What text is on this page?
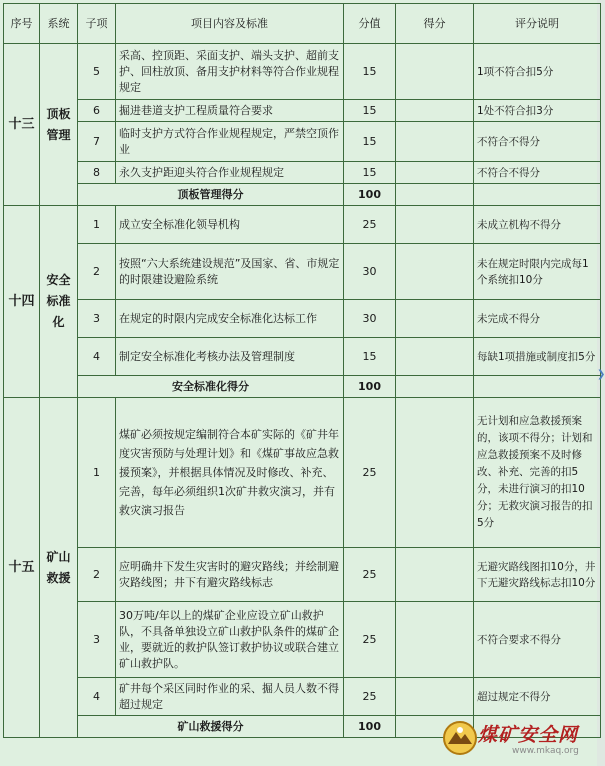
序号	系统	子项	项目内容及标准	分值	得分	评分说明
十三	顶板管理	5	采高、控顶距、采面支护、端头支护、超前支护、回柱放顶、备用支护材料等符合作业规程规定	15		1项不符合扣5分
		6	掘进巷道支护工程质量符合要求	15		1处不符合扣3分
		7	临时支护方式符合作业规程规定，严禁空顶作业	15		不符合不得分
		8	永久支护距迎头符合作业规程规定	15		不符合不得分
		顶板管理得分		100		
十四	安全标准化	1	成立安全标准化领导机构	25		未成立机构不得分
		2	按照“六大系统建设规范”及国家、省、市规定的时限建设避险系统	30		未在规定时限内完成每1个系统扣10分
		3	在规定的时限内完成安全标准化达标工作	30		未完成不得分
		4	制定安全标准化考核办法及管理制度	15		每缺1项措施或制度扣5分
		安全标准化得分		100		
十五	矿山救援	1	煤矿必须按规定编制符合本矿实际的《矿井年度灾害预防与处理计划》和《煤矿事故应急救援预案》，并根据具体情况及时修改、补充、完善，每年必须组织1次矿井救灾演习，并有救灾演习报告	25		无计划和应急救援预案的，该项不得分；计划和应急救援预案不及时修改、补充、完善的扣5分，未进行演习的扣10分；无救灾演习报告的扣5分
		2	应明确井下发生灾害时的避灾路线；并绘制避灾路线图；井下有避灾路线标志	25		无避灾路线图扣10分，井下无避灾路线标志扣10分
		3	30万吨/年以上的煤矿企业应设立矿山救护队，不具备单独设立矿山救护队条件的煤矿企业，要就近的救护队签订救护协议或联合建立矿山救护队。	25		不符合要求不得分
		4	矿井每个采区同时作业的采、掘人员人数不得超过规定	25		超过规定不得分
		矿山救援得分		100		
❯
煤矿安全网
www.mkaq.org
